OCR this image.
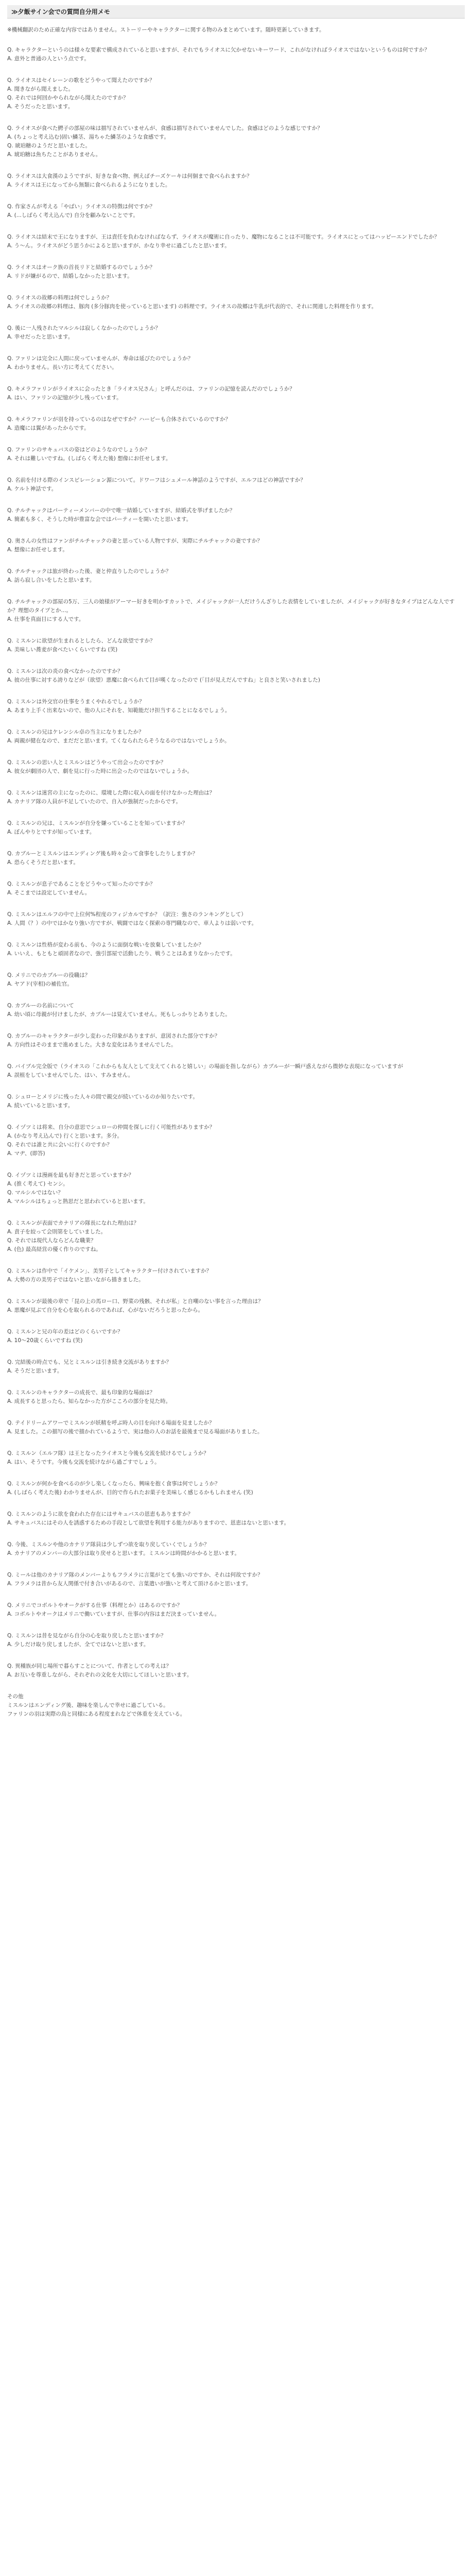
≫夕飯サイン会での質問自分用メモ

※機械翻訳のため正確な内容ではありません。ストーリーやキャラクターに関する物のみまとめています。随時更新していきます。

Q. キャラクターというのは様々な要素で構成されていると思いますが、それでもライオスに欠かせないキーワード、これがなければライオスではないというものは何ですか？

A. 意外と普通の人という点です。

Q. ライオスはセイレーンの歌をどうやって聞えたのですか？

A. 聞きながら聞えました。

Q. それでは何回かやられながら聞えたのですか？

A. そうだったと思います。

Q. ライオスが食べた鰐子の部屋の味は描写されていませんが、食感は描写されていませんでした。食感はどのような感じですか？

A. (ちょっと考え込む)固い鱗茎、湯ちゃた鱗茎のような食感です。

Q. 琥珀糖のようだと思いました。

A. 琥珀糖は魚ちたことがありません。

Q. ライオスは大食漢のようですが、好きな食べ物、例えばチーズケーキは何個まで食べられますか？

A. ライオスは王になってから無類に食べられるようになりました。

Q. 作家さんが考える「やばい」ライオスの特徴は何ですか？

A. (...しばらく考え込んで) 自分を顧みないことです。

Q. ライオスは結末で王になりますが、王は責任を負わなければならず、ライオスが魔術に自ったり、魔物になることは不可能です。ライオスにとってはハッピーエンドでしたか？

A. う〜ん。ライオスがどう思うかによると思いますが、かなり幸せに過ごしたと思います。

Q. ライオスはオーク族の首長リドと結婚するのでしょうか？

A. リドが嫌がるので、結婚しなかったと思います。

Q. ライオスの故郷の料理は何でしょうか？

A. ライオスの故郷の料理は、豚肉 (多分豚肉を使っていると思います) の料理です。ライオスの故郷は牛乳が代表的で、それに関連した料理を作ります。

Q. 後に一人残されたマルシルは寂しくなかったのでしょうか？

A. 幸せだったと思います。

Q. ファリンは完全に人間に戻っていませんが、寿命は延びたのでしょうか？

A. わかりません。長い方に考えてください。

Q. キメラファリンがライオスに会ったとき「ライオス兄さん」と呼んだのは、ファリンの記憶を読んだのでしょうか？

A. はい、ファリンの記憶が少し残っています。

Q. キメラファリンが羽を持っているのはなぜですか？ハーピーも合体されているのですか？

A. 造魔には翼があったからです。

Q. ファリンのサキュバスの姿はどのようなのでしょうか？

A. それは難しいですね。(しばらく考えた後) 想像にお任せします。

Q. 名前を付ける際のインスピレーション源について。ドワーフはシュメール神話のようですが、エルフはどの神話ですか？

A. ケルト神話です。

Q. チルチャックはパーティーメンバーの中で唯一結婚していますが、結婚式を挙げましたか？

A. 簡素も多く、そうした時が豊富な会ではパーティーを開いたと思います。

Q. 奥さんの女性はファンがチルチャックの妻と思っている人物ですが、実際にチルチャックの妻ですか？

A. 想像にお任せします。

Q. チルチャックは旅が終わった後、妻と仲直りしたのでしょうか？

A. 訪ら寂し合いをしたと思います。

Q. チルチャックの部屋の5万、三人の娘様がアーマー好きを明かすカットで、メイジャックが一人だけうんざりした表情をしていましたが、メイジャックが好きなタイプはどんな人ですか？理想のタイプとか...。

A. 仕事を真面目にする人です。

Q. ミスルンに欲望が生まれるとしたら、どんな欲望ですか？

A. 美味しい蕎麦が食べたいくらいですね (笑)

Q. ミスルンは次の炎の食べなかったのですか？

A. 彼の仕事に対する誇りなどが（欲望）悪魔に食べられて目が嘆くなったので (「目が見えだんですね」と良さと笑いされました)

Q. ミスルンは外交官の仕事をうまくやれるでしょうか？

A. あまり上手く出来ないので、他の人にそれを、知範能だけ担当することになるでしょう。

Q. ミスルンの兄はケレンシル卓の当主になりましたか？

A. 両親が健在なので、まだだと思います。てくなられたらそうなるのではないでしょうか。

Q. ミスルンの思い人とミスルンはどうやって出会ったのですか？

A. 彼女が劇団の人で、劇を見に行った時に出会ったのではないでしょうか。

Q. ミスルンは迷宮の主になったのに、環境した際に収入の面を付けなかった理由は？

A. カナリア隊の人員が不足していたので、自入が強制だったからです。

Q. ミスルンの兄は、ミスルンが自分を嫌っていることを知っていますか？

A. ぼんやりとですが知っています。

Q. カブルーとミスルンはエンディング後も時々会って食事をしたりしますか？

A. 恐らくそうだと思います。

Q. ミスルンが息子であることをどうやって知ったのですか？

A. そこまでは設定していません。

Q. ミスルンはエルフの中で上位何%程度のフィジカルですか？（訳注：強さのランキングとして）

A. 人間（？）の中ではかなり強い方ですが、戦闘ではなく探索の専門職なので、車人よりは弱いです。

Q. ミスルンは性格が変わる前も、今のように面倒な戦いを放棄していましたか？

A. いいえ、もともと頑固者なので、強引部屋で活動したり、戦うことはあまりなかったです。

Q. メリニでのカブルーの役職は？

A. ヤアド(宰相)の補佐官。

Q. カブルーの名前について

A. 幼い頃に母親が付けましたが、カブルーは覚えていません。死もしっかりとありました。

Q. カブルーのキャラクターが少し変わった印象がありますが、意図された部分ですか？

A. 方向性はそのままで進めました。大きな変化はありませんでした。

Q. バイブル完全版で（ライオスの「これからも友人として支えてくれると嬉しい」の場面を指しながら）カブルーが一瞬戸惑えながら微妙な表現になっていますが

A. 誤植をしていませんでした、はい、すみません。

Q. シュローとメリジに残った人々の間で親交が続いているのか知りたいです。

A. 続いていると思います。

Q. イヅツミは将来、自分の意思でシュローの仲間を探しに行く可能性がありますか？

A. (かなり考え込んで) 行くと思います。多分。

Q. それでは誰と共に会いに行くのですか？

A. マヂ、(即答)

Q. イヅツミは漫画を最も好きだと思っていますか？

A. (推く考えて) センシ。

Q. マルシルではない？

A. マルシルはちょっと熟思だと思われていると思います。

Q. ミスルンが表面でカナリアの隊長になれた理由は？

A. 責子を絞って会則第をしていました。

Q. それでは現代人ならどんな職業？

A. (色) 最高経営の優く作りのですね。

Q. ミスルンは作中で「イケメン」、美男子としてキャラクター付けされていますか？

A. 大勢の方の美男子ではないと思いながら描きました。

Q. ミスルンが最後の章で「昆の上の馬ロー口、野菜の残骸、それが私」と自嘲のない事を言った理由は？

A. 悪魔が見ぶて自分を心を取られるのであれば、心がないだろうと思ったから。

Q. ミスルンと兄の年の差はどのくらいですか？

A. 10〜20歳くらいですね (笑)

Q. 完結後の時点でも、兄とミスルンは引き続き交流がありますか？

A. そうだと思います。

Q. ミスルンのキャラクターの成長で、最も印象的な場面は？

A. 成長すると思ったら、知らなかった方がこころの部分を見た時。

Q. テイドリームアワーでミスルンが妖精を呼ぶ時人の目を向ける場面を見ましたか？

A. 見ました。この描写の後で描かれているようで、実は他の人のお話を最後まで見る場面がありました。

Q. ミスルン（エルフ隊）は王となったライオスと今後も交流を続けるでしょうか？

A. はい、そうです。今後も交流を続けながら過ごすでしょう。

Q. ミスルンが何かを食べるのが少し楽しくなったら、興味を抱く食事は何でしょうか？

A. (しばらく考えた後) わかりませんが、目的で作られたお菓子を美味しく感じるかもしれません (笑)

Q. ミスルンのように欲を食われた存在にはサキュバスの恩恵もありますか？

A. サキュバスにはその人を誘惑するための手段として欲望を利用する能力がありますので、恩恵はないと思います。

Q. 今後、ミスルンや他のカナリア隊員は少しずつ欲を取り戻していくでしょうか？

A. カナリアのメンバーの大部分は取り戻せると思います。ミスルンは時間がかかると思います。

Q. ミールは他のカナリア隊のメンバーよりもフラメラに言葉がとても強いのですか、それは何故ですか？

A. フラメラは昔から友人関係で付き合いがあるので、言葉遣いが強いと考えて頂けるかと思います。

Q. メリニでコボルトやオークがする仕事（料理とか）はあるのですか？

A. コボルトやオークはメリニで働いていますが、仕事の内容はまだ決まっていません。

Q. ミスルンは昔を見ながら自分の心を取り戻したと思いますか？

A. 少しだけ取り戻しましたが、全てではないと思います。

Q. 異種族が同じ場所で暮らすことについて、作者としての考えは？

A. お互いを尊重しながら、それぞれの文化を大切にしてほしいと思います。

その他

ミスルンはエンディング後、趣味を楽しんで幸せに過ごしている。

ファリンの羽は実際の鳥と同様にある程度まれなどで体重を支えている。
